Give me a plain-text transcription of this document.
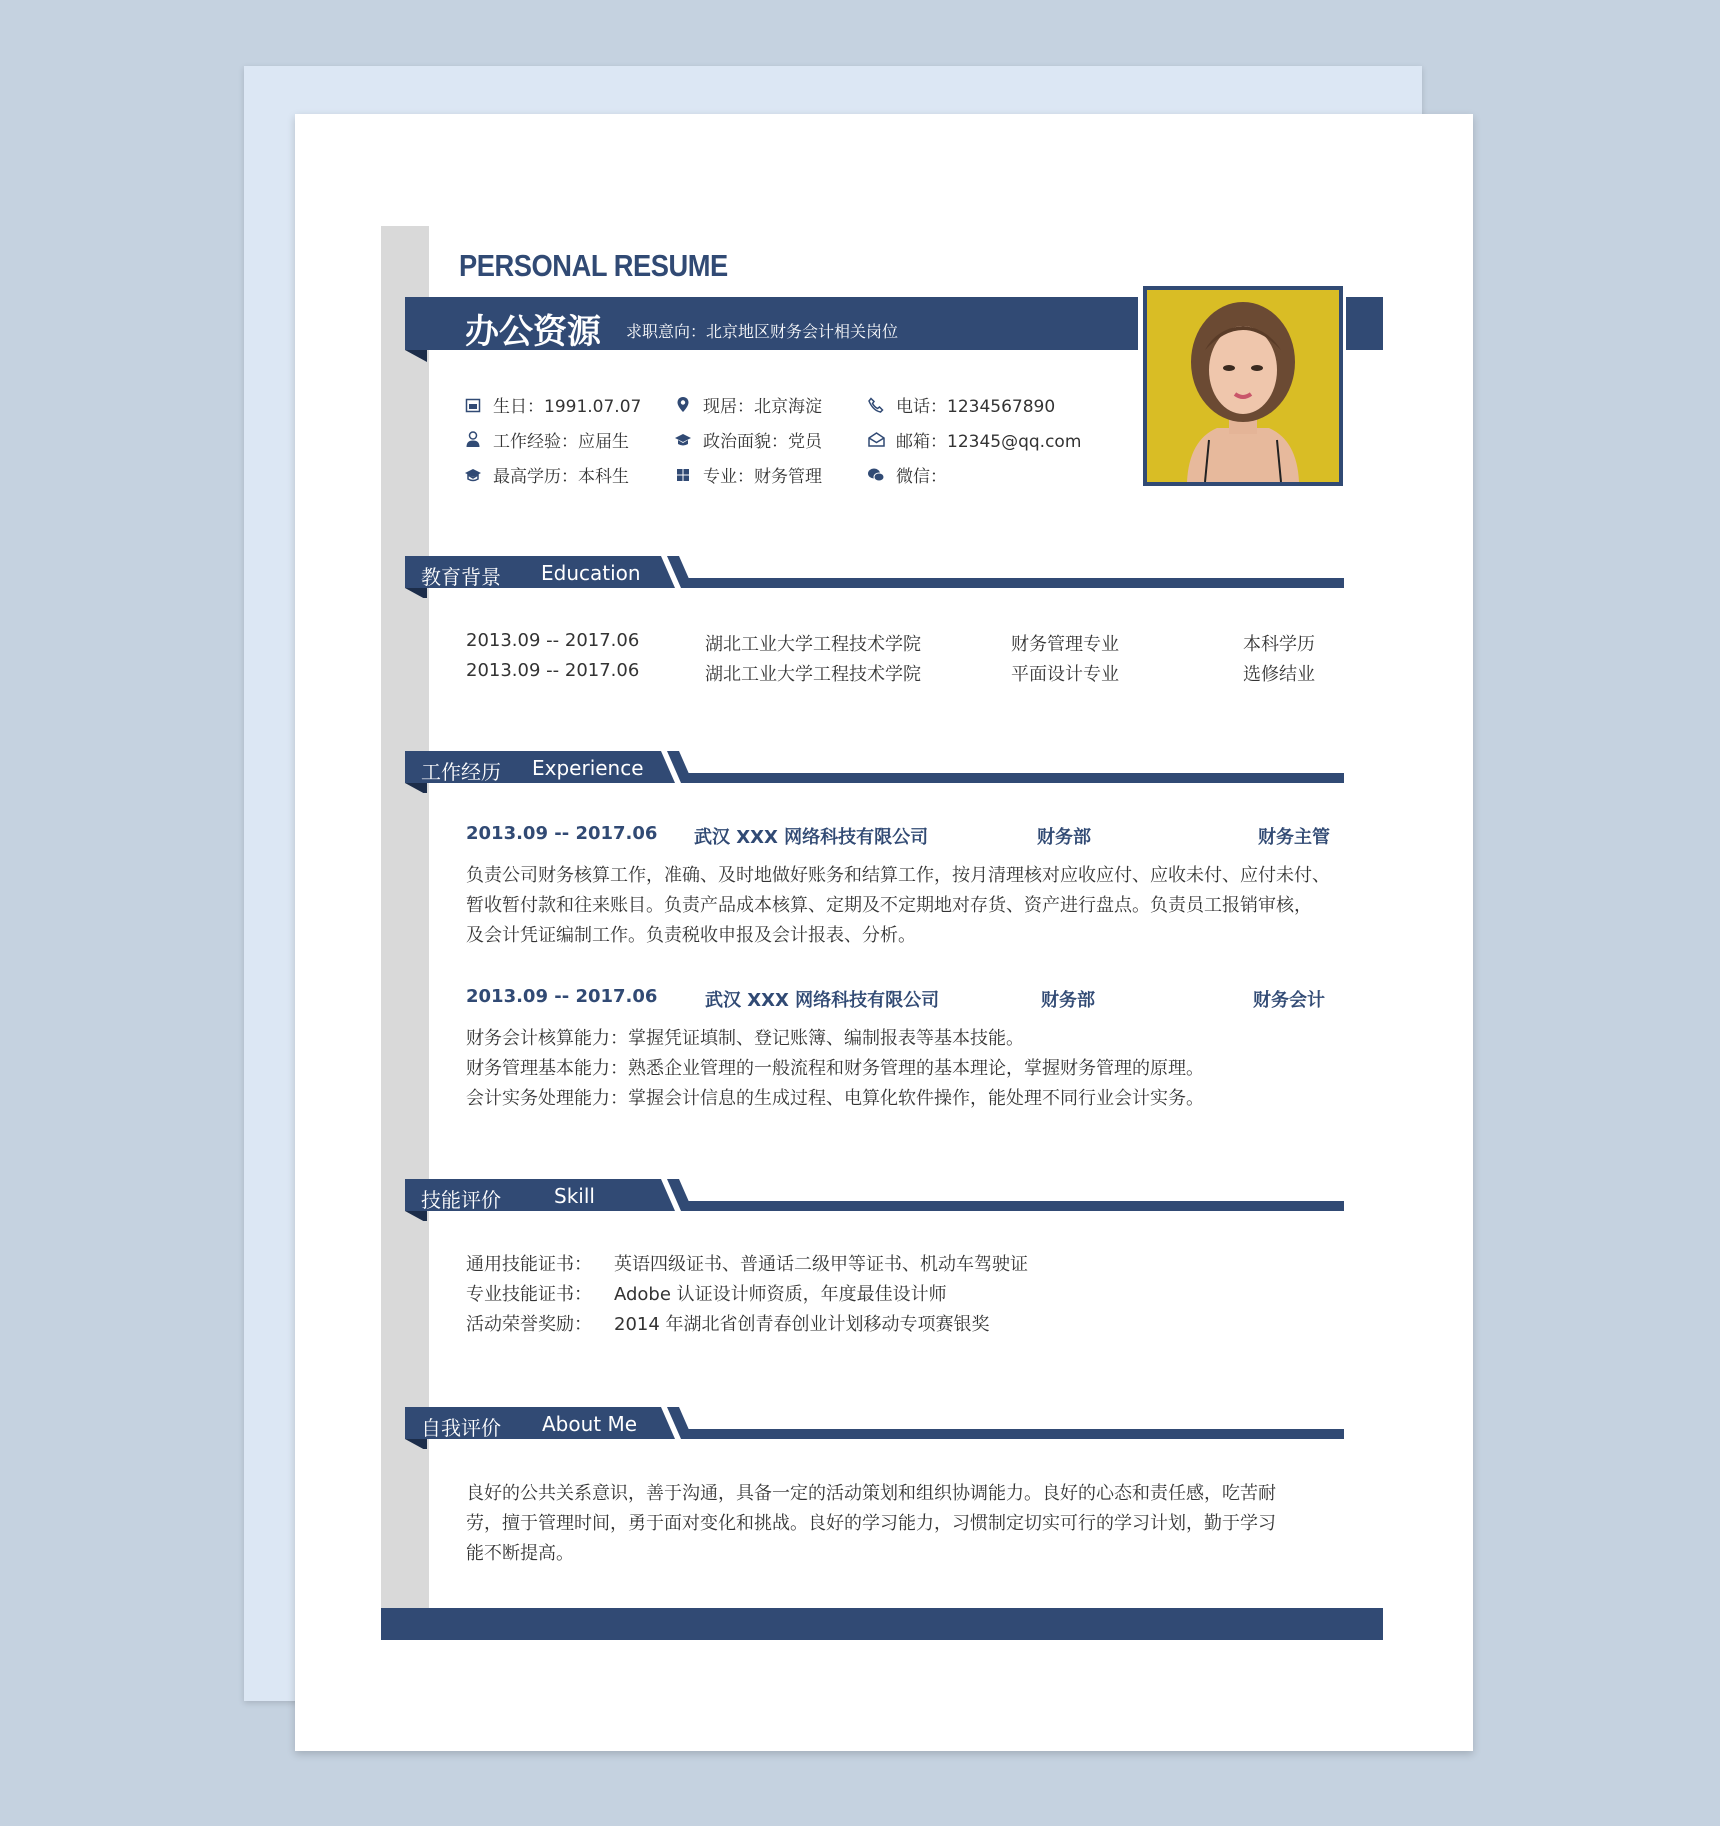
PERSONAL RESUME
办公资源 求职意向：北京地区财务会计相关岗位
生日：1991.07.07	现居：北京海淀	电话：1234567890
工作经验：应届生	政治面貌：党员	邮箱：12345@qq.com
最高学历：本科生	专业：财务管理	微信：
教育背景 Education
2013.09 -- 2017.06	湖北工业大学工程技术学院	财务管理专业	本科学历
2013.09 -- 2017.06	湖北工业大学工程技术学院	平面设计专业	选修结业
工作经历 Experience
2013.09 -- 2017.06 武汉 XXX 网络科技有限公司	财务部	财务主管
负责公司财务核算工作，准确、及时地做好账务和结算工作，按月清理核对应收应付、应收未付、应付未付、
暂收暂付款和往来账目。负责产品成本核算、定期及不定期地对存货、资产进行盘点。负责员工报销审核，
及会计凭证编制工作。负责税收申报及会计报表、分析。
2013.09 -- 2017.06	武汉 XXX 网络科技有限公司	财务部	财务会计
财务会计核算能力：掌握凭证填制、登记账簿、编制报表等基本技能。
财务管理基本能力：熟悉企业管理的一般流程和财务管理的基本理论，掌握财务管理的原理。
会计实务处理能力：掌握会计信息的生成过程、电算化软件操作，能处理不同行业会计实务。
技能评价	Skill
通用技能证书： 英语四级证书、普通话二级甲等证书、机动车驾驶证
专业技能证书： Adobe 认证设计师资质，年度最佳设计师
活动荣誉奖励： 2014 年湖北省创青春创业计划移动专项赛银奖
自我评价 About Me
良好的公共关系意识，善于沟通，具备一定的活动策划和组织协调能力。良好的心态和责任感，吃苦耐
劳，擅于管理时间，勇于面对变化和挑战。良好的学习能力，习惯制定切实可行的学习计划，勤于学习
能不断提高。
